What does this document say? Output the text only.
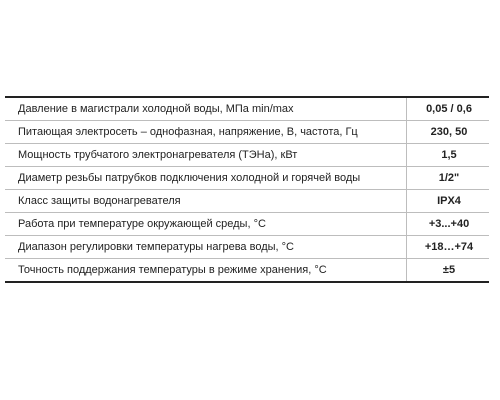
Давление в магистрали холодной воды, МПа min/max	0,05 / 0,6
Питающая электросеть – однофазная, напряжение, В, частота, Гц	230, 50
Мощность трубчатого электронагревателя (ТЭНа), кВт	1,5
Диаметр резьбы патрубков подключения холодной и горячей воды	1/2"
Класс защиты водонагревателя	IPX4
Работа при температуре окружающей среды, °С	+3...+40
Диапазон регулировки температуры нагрева воды, °С	+18…+74
Точность поддержания температуры в режиме хранения, °С	±5
